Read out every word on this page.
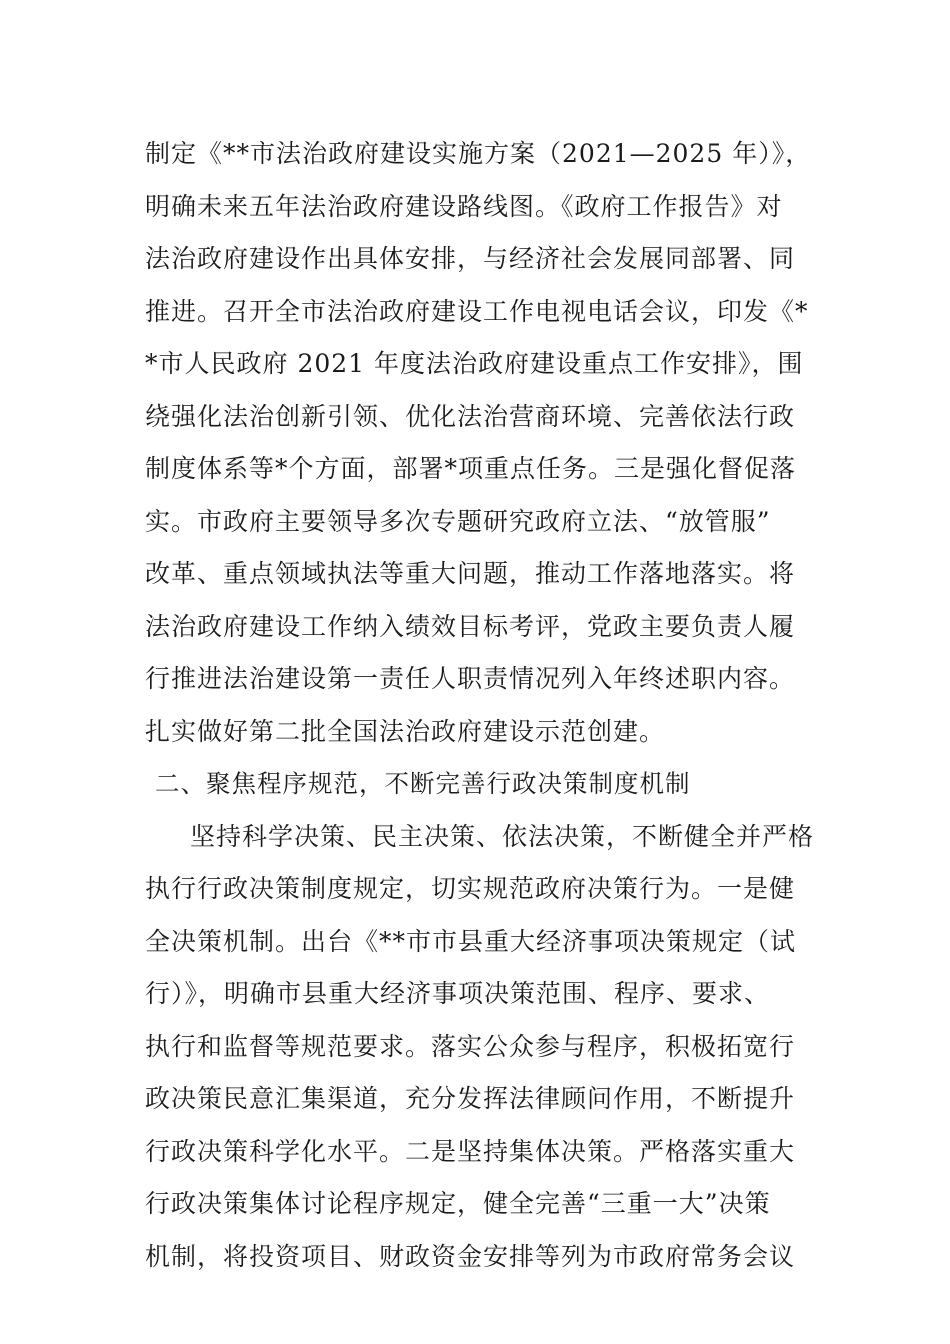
制定《**市法治政府建设实施方案（2021—2025 年）》，
明确未来五年法治政府建设路线图。《政府工作报告》对
法治政府建设作出具体安排，与经济社会发展同部署、同
推进。召开全市法治政府建设工作电视电话会议，印发《*
*市人民政府 2021 年度法治政府建设重点工作安排》，围
绕强化法治创新引领、优化法治营商环境、完善依法行政
制度体系等*个方面，部署*项重点任务。三是强化督促落
实。市政府主要领导多次专题研究政府立法、“放管服”
改革、重点领域执法等重大问题，推动工作落地落实。将
法治政府建设工作纳入绩效目标考评，党政主要负责人履
行推进法治建设第一责任人职责情况列入年终述职内容。
扎实做好第二批全国法治政府建设示范创建。
二、聚焦程序规范，不断完善行政决策制度机制
坚持科学决策、民主决策、依法决策，不断健全并严格
执行行政决策制度规定，切实规范政府决策行为。一是健
全决策机制。出台《**市市县重大经济事项决策规定（试
行）》，明确市县重大经济事项决策范围、程序、要求、
执行和监督等规范要求。落实公众参与程序，积极拓宽行
政决策民意汇集渠道，充分发挥法律顾问作用，不断提升
行政决策科学化水平。二是坚持集体决策。严格落实重大
行政决策集体讨论程序规定，健全完善“三重一大”决策
机制，将投资项目、财政资金安排等列为市政府常务会议
